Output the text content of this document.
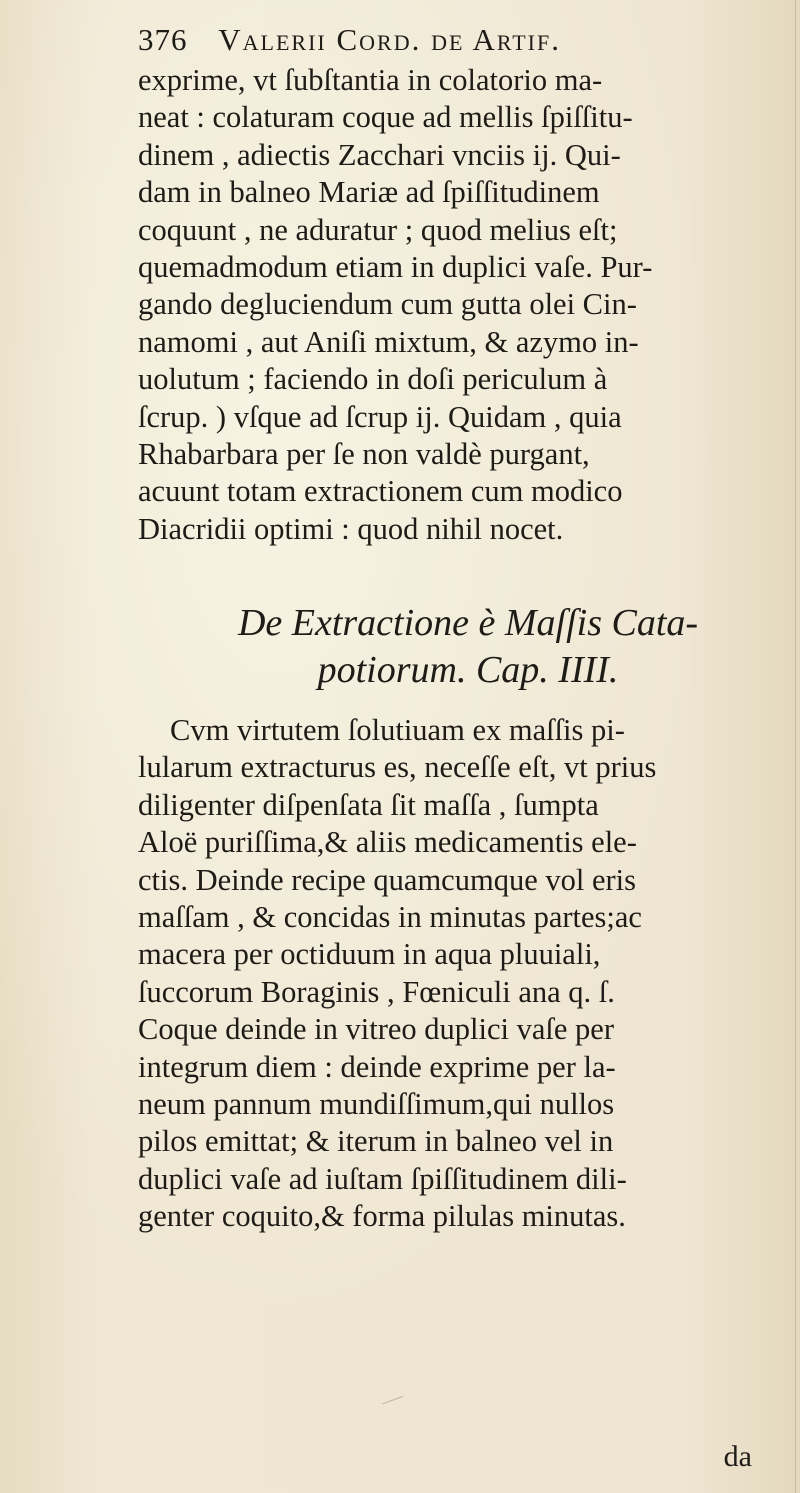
376 Valerii Cord. de Artif.
exprime, vt ſubſtantia in colatorio ma-
neat : colaturam coque ad mellis ſpiſſitu-
dinem , adiectis Zacchari vnciis ij. Qui-
dam in balneo Mariæ ad ſpiſſitudinem
coquunt , ne aduratur ; quod melius eſt;
quemadmodum etiam in duplici vaſe. Pur-
gando degluciendum cum gutta olei Cin-
namomi , aut Aniſi mixtum, & azymo in-
uolutum ; faciendo in doſi periculum à
ſcrup. ) vſque ad ſcrup ij. Quidam , quia
Rhabarbara per ſe non valdè purgant,
acuunt totam extractionem cum modico
Diacridii optimi : quod nihil nocet.
De Extractione è Maſſis Cata-
potiorum. Cap. IIII.
Cvm virtutem ſolutiuam ex maſſis pi-
lularum extracturus es, neceſſe eſt, vt prius
diligenter diſpenſata ſit maſſa , ſumpta
Aloë puriſſima,& aliis medicamentis ele-
ctis. Deinde recipe quamcumque vol eris
maſſam , & concidas in minutas partes;ac
macera per octiduum in aqua pluuiali,
ſuccorum Boraginis , Fœniculi ana q. ſ.
Coque deinde in vitreo duplici vaſe per
integrum diem : deinde exprime per la-
neum pannum mundiſſimum,qui nullos
pilos emittat; & iterum in balneo vel in
duplici vaſe ad iuſtam ſpiſſitudinem dili-
genter coquito,& forma pilulas minutas.
da
